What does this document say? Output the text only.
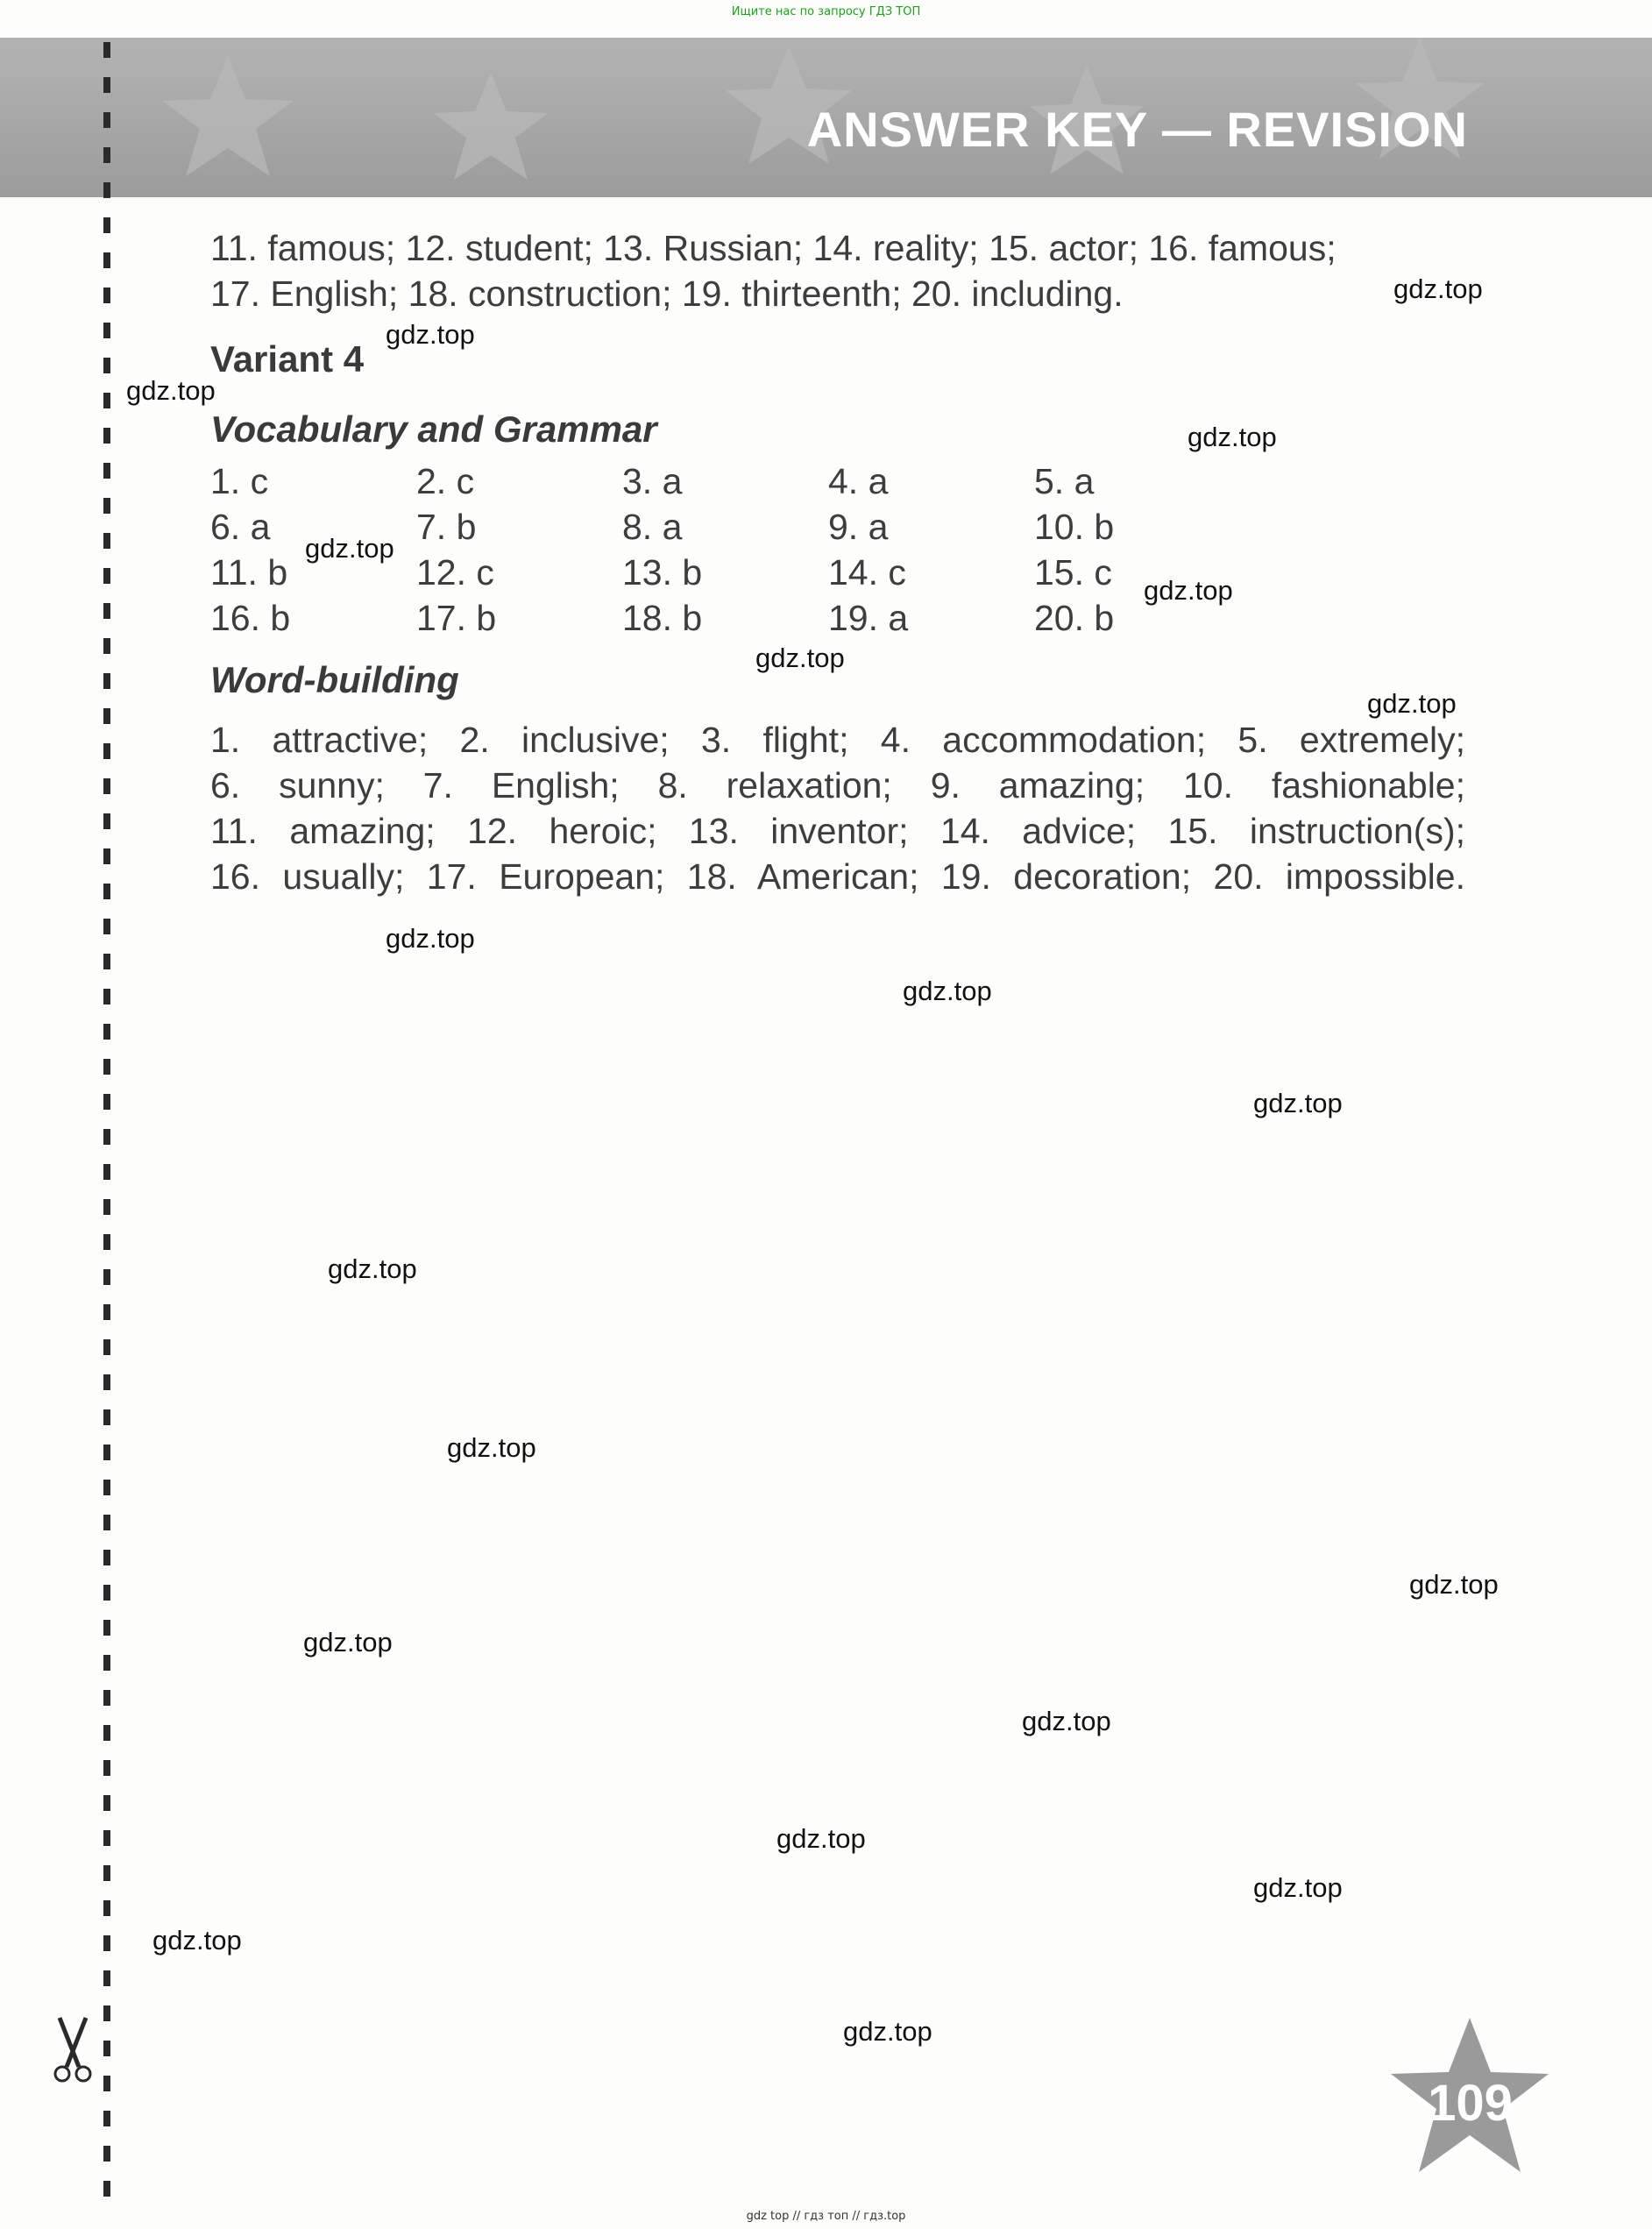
Ищите нас по запросу ГДЗ ТОП
ANSWER KEY — REVISION
11. famous; 12. student; 13. Russian; 14. reality; 15. actor; 16. famous;
17. English; 18. construction; 19. thirteenth; 20. including.
Variant 4
Vocabulary and Grammar
1. c	2. c	3. a	4. a	5. a
6. a	7. b	8. a	9. a	10. b
11. b	12. c	13. b	14. c	15. c
16. b	17. b	18. b	19. a	20. b
Word-building
1. attractive; 2. inclusive; 3. flight; 4. accommodation; 5. extremely;
6. sunny; 7. English; 8. relaxation; 9. amazing; 10. fashionable;
11. amazing; 12. heroic; 13. inventor; 14. advice; 15. instruction(s);
16. usually; 17. European; 18. American; 19. decoration; 20. impossible.
gdz.top
gdz.top
gdz.top
gdz.top
gdz.top
gdz.top
gdz.top
gdz.top
gdz.top
gdz.top
gdz.top
gdz.top
gdz.top
gdz.top
gdz.top
gdz.top
gdz.top
gdz.top
gdz.top
gdz.top
109
gdz top // гдз топ // гдз.top
